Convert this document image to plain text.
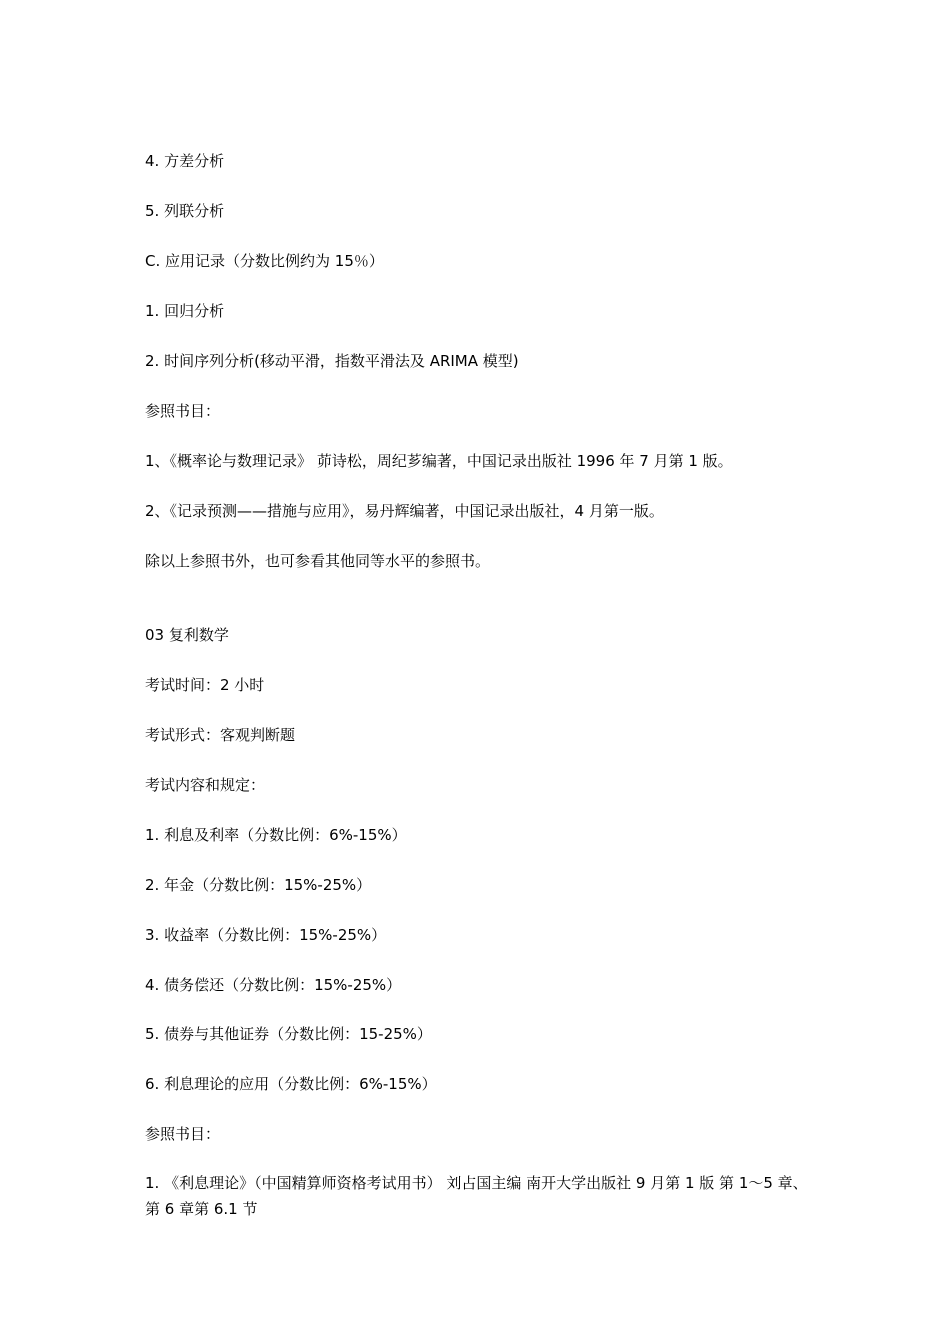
4. 方差分析
5. 列联分析
C. 应用记录（分数比例约为 15％）
1. 回归分析
2. 时间序列分析(移动平滑，指数平滑法及 ARIMA 模型)
参照书目：
1、《概率论与数理记录》 茆诗松，周纪芗编著，中国记录出版社 1996 年 7 月第 1 版。
2、《记录预测——措施与应用》，易丹辉编著，中国记录出版社，4 月第一版。
除以上参照书外，也可参看其他同等水平的参照书。
03 复利数学
考试时间：2 小时
考试形式：客观判断题
考试内容和规定：
1. 利息及利率（分数比例：6%-15%）
2. 年金（分数比例：15%-25%）
3. 收益率（分数比例：15%-25%）
4. 债务偿还（分数比例：15%-25%）
5. 债券与其他证券（分数比例：15-25%）
6. 利息理论的应用（分数比例：6%-15%）
参照书目：
1. 《利息理论》（中国精算师资格考试用书） 刘占国主编 南开大学出版社 9 月第 1 版 第 1～5 章、第 6 章第 6.1 节
